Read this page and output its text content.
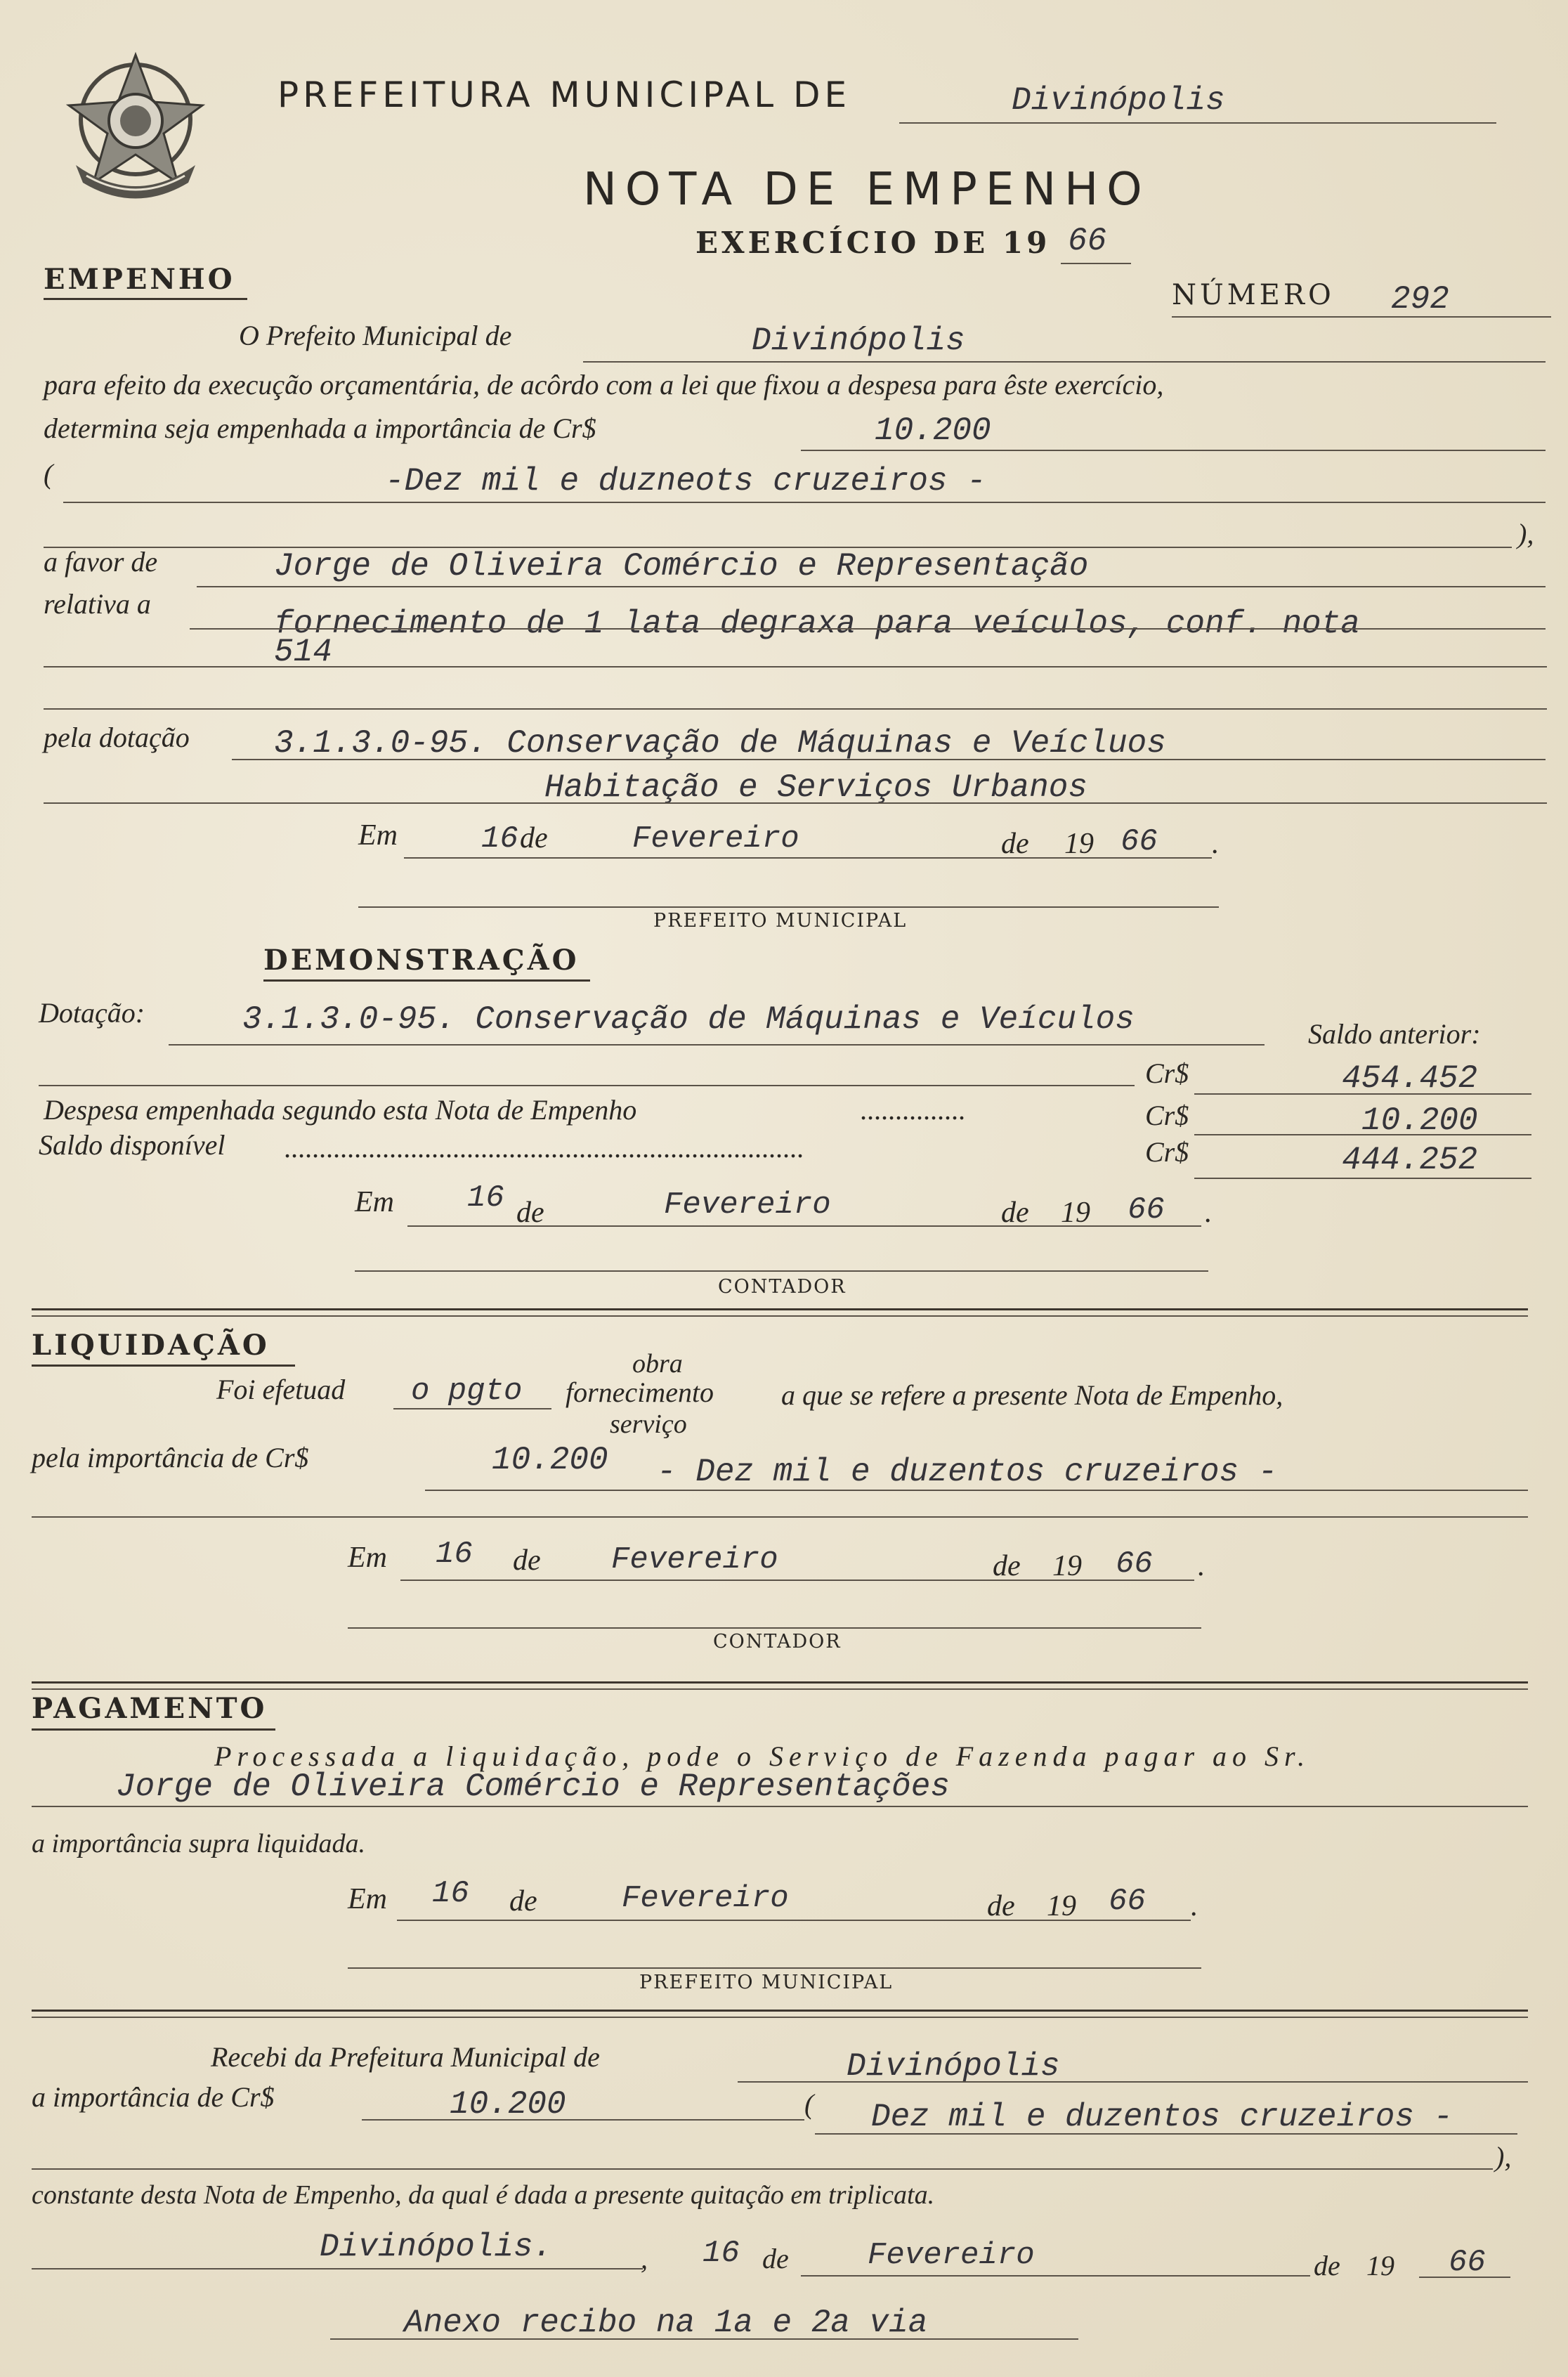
PREFEITURA MUNICIPAL DE	Divinópolis
NOTA DE EMPENHO
EXERCÍCIO DE 19 66
EMPENHO	NÚMERO 292
O Prefeito Municipal de	Divinópolis
para efeito da execução orçamentária, de acôrdo com a lei que fixou a despesa para êste exercício,
determina seja empenhada a importância de Cr$	10.200
(	-Dez mil e duzneots cruzeiros -
),
a favor de	Jorge de Oliveira Comércio e Representação
relativa a
fornecimento de 1 lata degraxa para veículos, conf. nota
514
pela dotação	3.1.3.0-95. Conservação de Máquinas e Veícluos
Habitação e Serviços Urbanos
Em	16 de	Fevereiro	de 19 66 .
PREFEITO MUNICIPAL
DEMONSTRAÇÃO
Dotação:	3.1.3.0-95. Conservação de Máquinas e Veículos	Saldo anterior:
Cr$	454.452
Despesa empenhada segundo esta Nota de Empenho	...............	Cr$	10.200
Saldo disponível ..........................................................................	Cr$	444.252
Em 16 de	Fevereiro	de 19 66 .
CONTADOR
LIQUIDAÇÃO
obra
Foi efetuad o pgto fornecimento a que se refere a presente Nota de Empenho,
serviço
pela importância de Cr$	10.200 - Dez mil e duzentos cruzeiros -
Em 16 de Fevereiro	de 19 66 .
CONTADOR
PAGAMENTO
Processada a liquidação, pode o Serviço de Fazenda pagar ao Sr.
Jorge de Oliveira Comércio e Representações
a importância supra liquidada.
Em 16 de	Fevereiro	de 19 66 .
PREFEITO MUNICIPAL
Recebi da Prefeitura Municipal de	Divinópolis
a importância de Cr$	10.200	( Dez mil e duzentos cruzeiros -
),
constante desta Nota de Empenho, da qual é dada a presente quitação em triplicata.
Divinópolis.	, 16 de	Fevereiro	de 19 66
Anexo recibo na 1a e 2a via
